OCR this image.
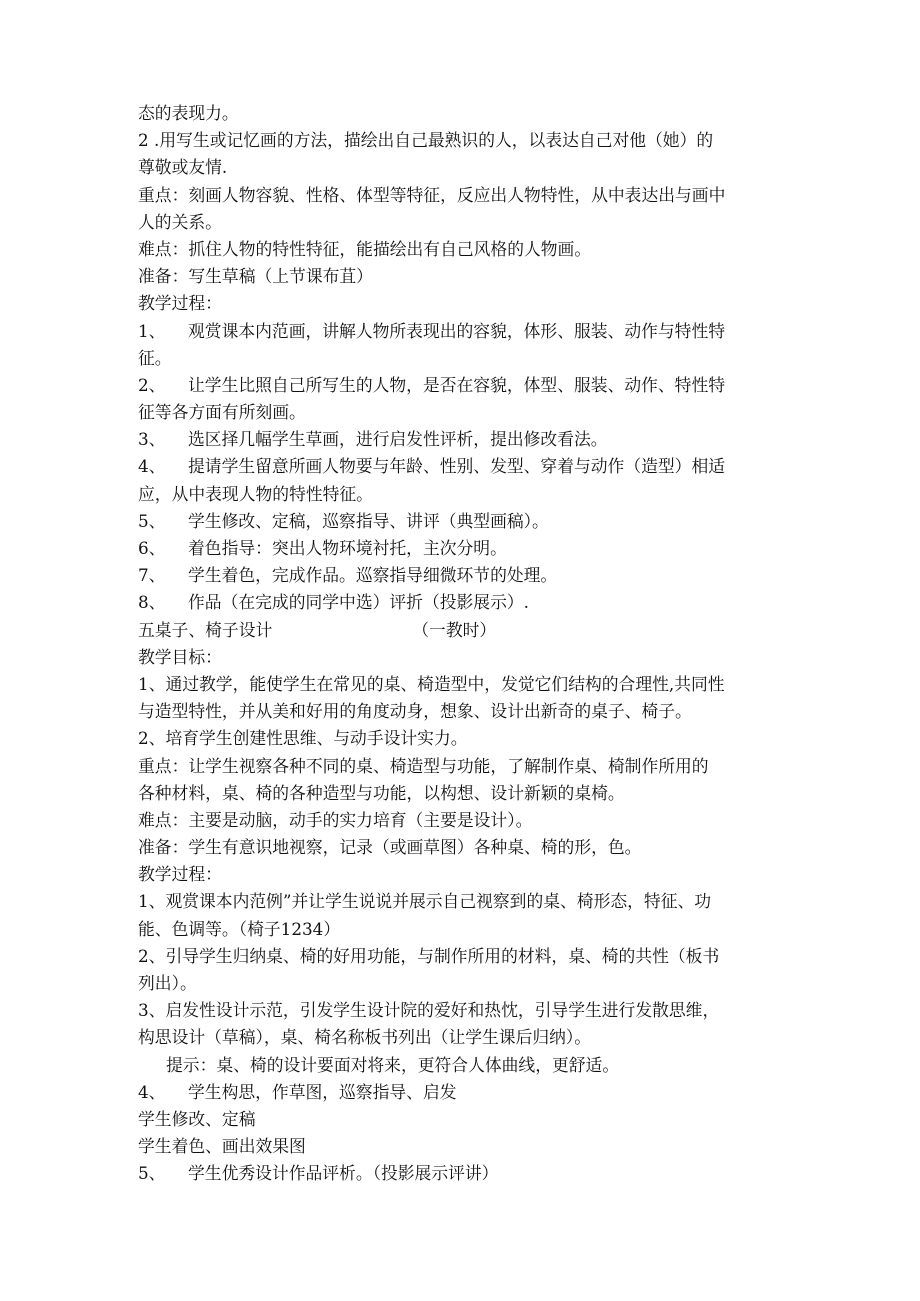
态的表现力。
2 .用写生或记忆画的方法，描绘出自己最熟识的人，以表达自己对他（她）的
尊敬或友情.
重点：刻画人物容貌、性格、体型等特征，反应出人物特性，从中表达出与画中
人的关系。
难点：抓住人物的特性特征，能描绘出有自己风格的人物画。
准备：写生草稿（上节课布苴）
教学过程：
1、 观赏课本内范画，讲解人物所表现出的容貌，体形、服装、动作与特性特
征。
2、 让学生比照自己所写生的人物，是否在容貌，体型、服装、动作、特性特
征等各方面有所刻画。
3、 选区择几幅学生草画，进行启发性评析，提出修改看法。
4、 提请学生留意所画人物要与年龄、性别、发型、穿着与动作（造型）相适
应，从中表现人物的特性特征。
5、 学生修改、定稿，巡察指导、讲评（典型画稿）。
6、 着色指导：突出人物环境衬托，主次分明。
7、 学生着色，完成作品。巡察指导细微环节的处理。
8、 作品（在完成的同学中选）评折（投影展示）.
五桌子、椅子设计	（一教时）
教学目标：
1、通过教学，能使学生在常见的桌、椅造型中，发觉它们结构的合理性,共同性
与造型特性，并从美和好用的角度动身，想象、设计出新奇的桌子、椅子。
2、培育学生创建性思维、与动手设计实力。
重点：让学生视察各种不同的桌、椅造型与功能，了解制作桌、椅制作所用的
各种材料，桌、椅的各种造型与功能，以构想、设计新颖的桌椅。
难点：主要是动脑，动手的实力培育（主要是设计）。
准备：学生有意识地视察，记录（或画草图）各种桌、椅的形，色。
教学过程：
1、观赏课本内范例”并让学生说说并展示自己视察到的桌、椅形态，特征、功
能、色调等。（椅子1234）
2、引导学生归纳桌、椅的好用功能，与制作所用的材料，桌、椅的共性（板书
列出）。
3、启发性设计示范，引发学生设计院的爱好和热忱，引导学生进行发散思维，
构思设计（草稿），桌、椅名称板书列出（让学生课后归纳）。
提示：桌、椅的设计要面对将来，更符合人体曲线，更舒适。
4、 学生构思，作草图，巡察指导、启发
学生修改、定稿
学生着色、画出效果图
5、 学生优秀设计作品评析。（投影展示评讲）
